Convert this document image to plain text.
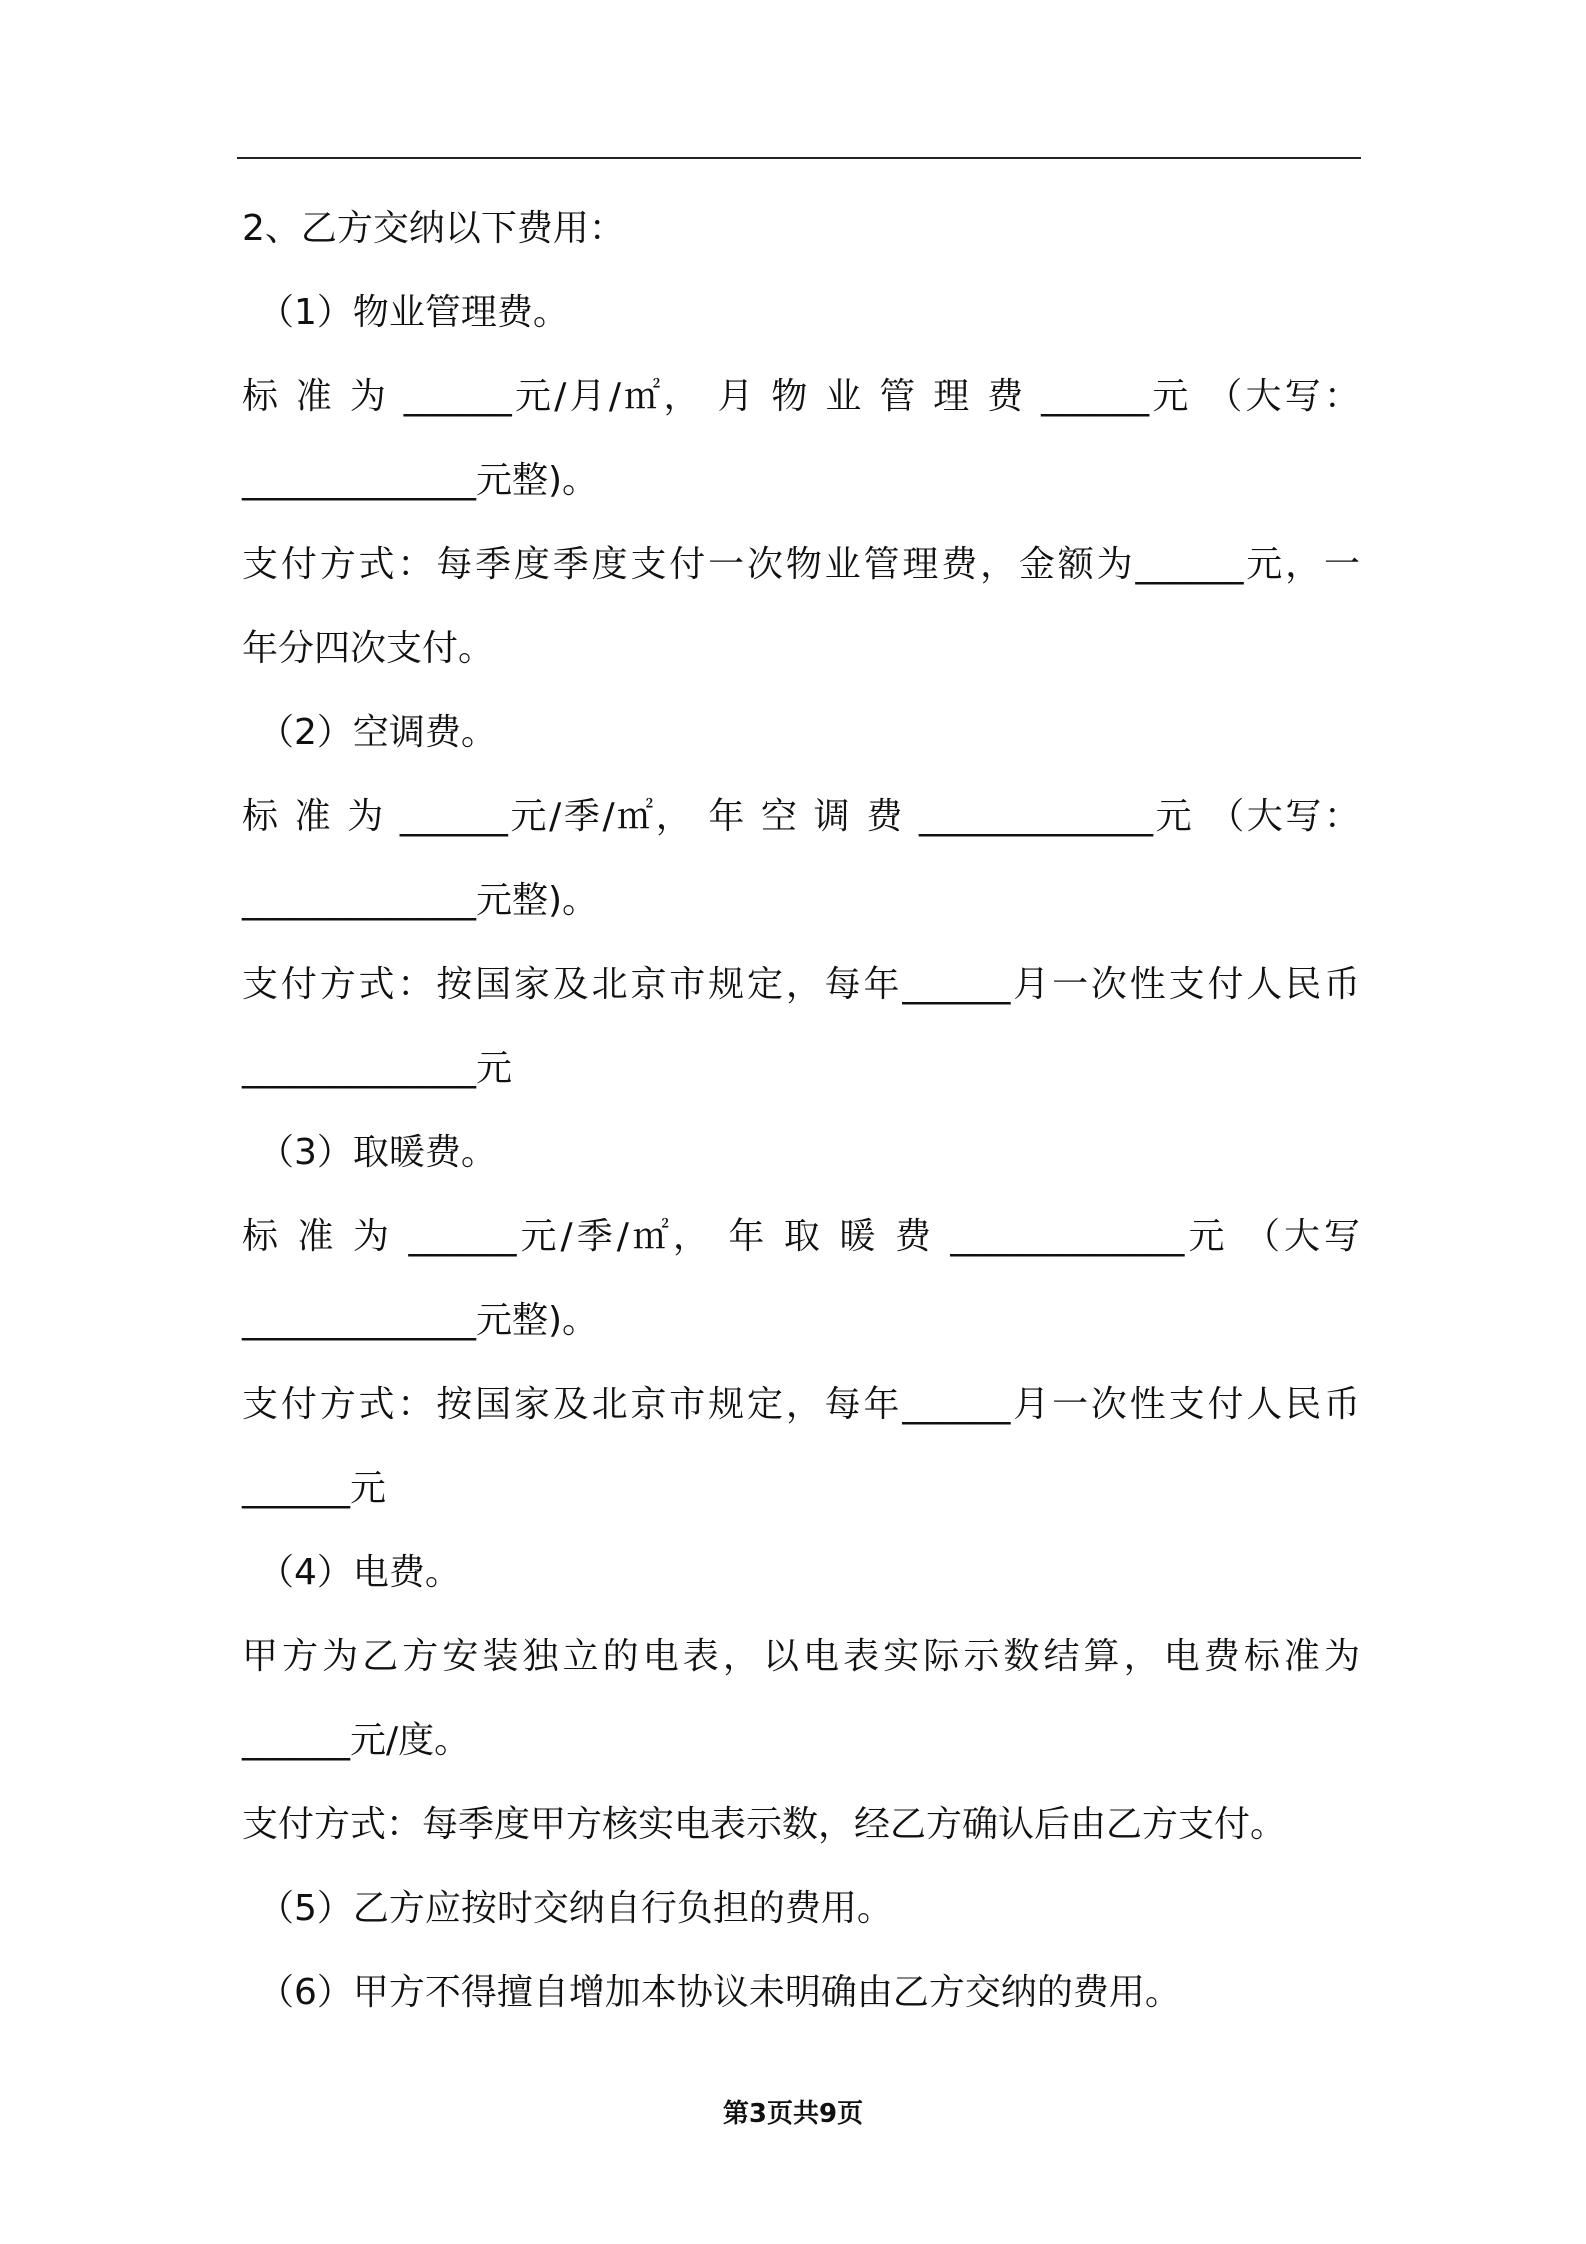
2、乙方交纳以下费用：
（1）物业管理费。
标 准 为 ______元/月/㎡， 月 物 业 管 理 费 ______元 （大写：
_____________元整)。
支付方式：每季度季度支付一次物业管理费，金额为______元，一
年分四次支付。
（2）空调费。
标 准 为 ______元/季/㎡， 年 空 调 费 _____________元 （大写：
_____________元整)。
支付方式：按国家及北京市规定，每年______月一次性支付人民币
_____________元
（3）取暖费。
标 准 为 ______元/季/㎡， 年 取 暖 费 _____________元 （大写
_____________元整)。
支付方式：按国家及北京市规定，每年______月一次性支付人民币
______元
（4）电费。
甲方为乙方安装独立的电表，以电表实际示数结算，电费标准为
______元/度。
支付方式：每季度甲方核实电表示数，经乙方确认后由乙方支付。
（5）乙方应按时交纳自行负担的费用。
（6）甲方不得擅自增加本协议未明确由乙方交纳的费用。
第3页共9页
